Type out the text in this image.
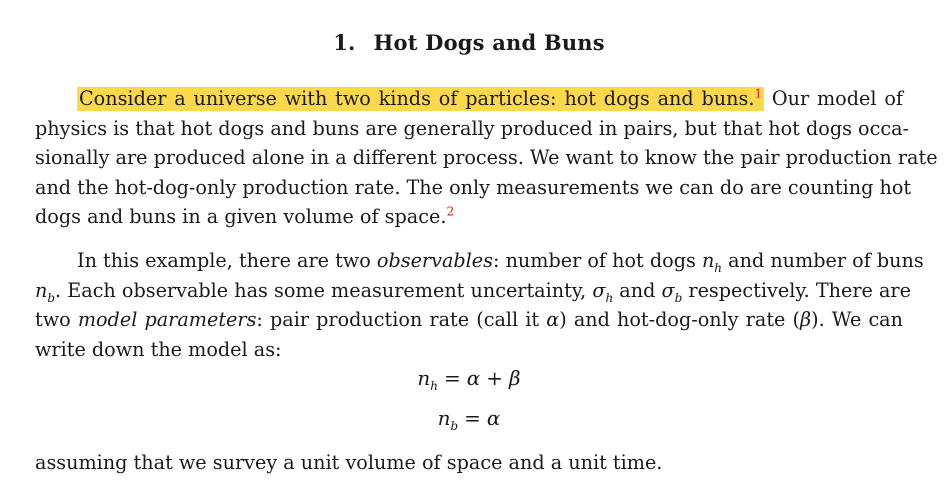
1. Hot Dogs and Buns
Consider a universe with two kinds of particles: hot dogs and buns.$^1$ Our model of
physics is that hot dogs and buns are generally produced in pairs, but that hot dogs occa-
sionally are produced alone in a different process. We want to know the pair production rate
and the hot-dog-only production rate. The only measurements we can do are counting hot
dogs and buns in a given volume of space.$^2$
In this example, there are two observables: number of hot dogs $n_h$ and number of buns
$n_b$. Each observable has some measurement uncertainty, $\sigma_h$ and $\sigma_b$ respectively. There are
two model parameters: pair production rate (call it α) and hot-dog-only rate (β). We can
write down the model as:
$n_h = \alpha + \beta$
$n_b = \alpha$
assuming that we survey a unit volume of space and a unit time.
